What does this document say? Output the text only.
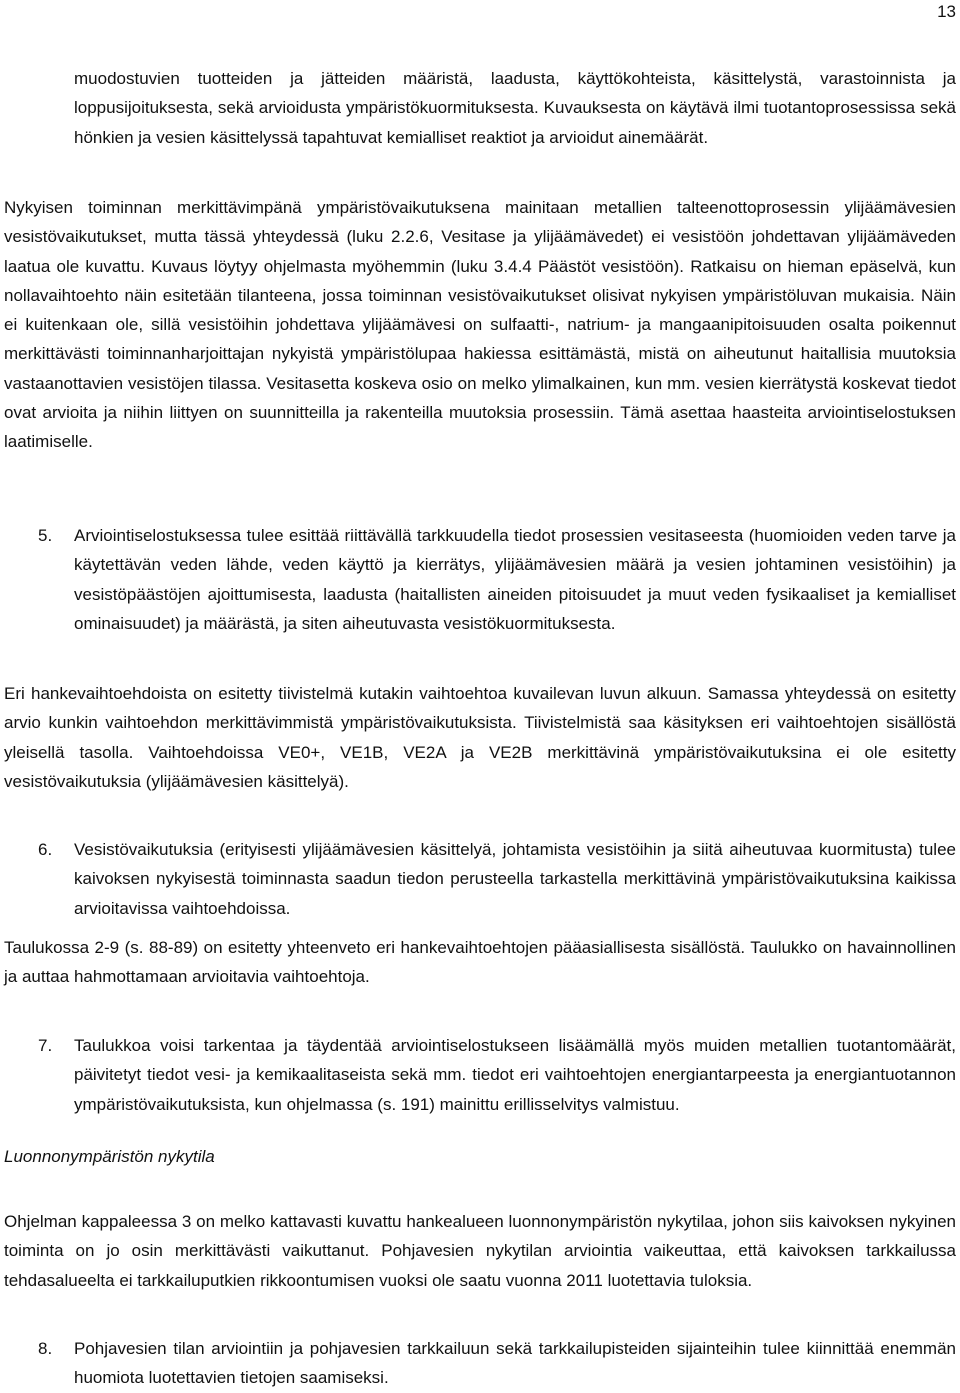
13

muodostuvien tuotteiden ja jätteiden määristä, laadusta, käyttökohteista, käsittelystä, varastoinnista ja loppusijoituksesta, sekä arvioidusta ympäristökuormituksesta. Kuvauksesta on käytävä ilmi tuotantoprosessissa sekä hönkien ja vesien käsittelyssä tapahtuvat kemialliset reaktiot ja arvioidut ainemäärät.

Nykyisen toiminnan merkittävimpänä ympäristövaikutuksena mainitaan metallien talteenottoprosessin ylijäämävesien vesistövaikutukset, mutta tässä yhteydessä (luku 2.2.6, Vesitase ja ylijäämävedet) ei vesistöön johdettavan ylijäämäveden laatua ole kuvattu. Kuvaus löytyy ohjelmasta myöhemmin (luku 3.4.4 Päästöt vesistöön). Ratkaisu on hieman epäselvä, kun nollavaihtoehto näin esitetään tilanteena, jossa toiminnan vesistövaikutukset olisivat nykyisen ympäristöluvan mukaisia. Näin ei kuitenkaan ole, sillä vesistöihin johdettava ylijäämävesi on sulfaatti-, natrium- ja mangaanipitoisuuden osalta poikennut merkittävästi toiminnanharjoittajan nykyistä ympäristölupaa hakiessa esittämästä, mistä on aiheutunut haitallisia muutoksia vastaanottavien vesistöjen tilassa. Vesitasetta koskeva osio on melko ylimalkainen, kun mm. vesien kierrätystä koskevat tiedot ovat arvioita ja niihin liittyen on suunnitteilla ja rakenteilla muutoksia prosessiin. Tämä asettaa haasteita arviointiselostuksen laatimiselle.

5. Arviointiselostuksessa tulee esittää riittävällä tarkkuudella tiedot prosessien vesitaseesta (huomioiden veden tarve ja käytettävän veden lähde, veden käyttö ja kierrätys, ylijäämävesien määrä ja vesien johtaminen vesistöihin) ja vesistöpäästöjen ajoittumisesta, laadusta (haitallisten aineiden pitoisuudet ja muut veden fysikaaliset ja kemialliset ominaisuudet) ja määrästä, ja siten aiheutuvasta vesistökuormituksesta.

Eri hankevaihtoehdoista on esitetty tiivistelmä kutakin vaihtoehtoa kuvailevan luvun alkuun. Samassa yhteydessä on esitetty arvio kunkin vaihtoehdon merkittävimmistä ympäristövaikutuksista. Tiivistelmistä saa käsityksen eri vaihtoehtojen sisällöstä yleisellä tasolla. Vaihtoehdoissa VE0+, VE1B, VE2A ja VE2B merkittävinä ympäristövaikutuksina ei ole esitetty vesistövaikutuksia (ylijäämävesien käsittelyä).

6. Vesistövaikutuksia (erityisesti ylijäämävesien käsittelyä, johtamista vesistöihin ja siitä aiheutuvaa kuormitusta) tulee kaivoksen nykyisestä toiminnasta saadun tiedon perusteella tarkastella merkittävinä ympäristövaikutuksina kaikissa arvioitavissa vaihtoehdoissa.

Taulukossa 2-9 (s. 88-89) on esitetty yhteenveto eri hankevaihtoehtojen pääasiallisesta sisällöstä. Taulukko on havainnollinen ja auttaa hahmottamaan arvioitavia vaihtoehtoja.

7. Taulukkoa voisi tarkentaa ja täydentää arviointiselostukseen lisäämällä myös muiden metallien tuotantomäärät, päivitetyt tiedot vesi- ja kemikaalitaseista sekä mm. tiedot eri vaihtoehtojen energiantarpeesta ja energiantuotannon ympäristövaikutuksista, kun ohjelmassa (s. 191) mainittu erillisselvitys valmistuu.

Luonnonympäristön nykytila

Ohjelman kappaleessa 3 on melko kattavasti kuvattu hankealueen luonnonympäristön nykytilaa, johon siis kaivoksen nykyinen toiminta on jo osin merkittävästi vaikuttanut. Pohjavesien nykytilan arviointia vaikeuttaa, että kaivoksen tarkkailussa tehdasalueelta ei tarkkailuputkien rikkoontumisen vuoksi ole saatu vuonna 2011 luotettavia tuloksia.

8. Pohjavesien tilan arviointiin ja pohjavesien tarkkailuun sekä tarkkailupisteiden sijainteihin tulee kiinnittää enemmän huomiota luotettavien tietojen saamiseksi.
